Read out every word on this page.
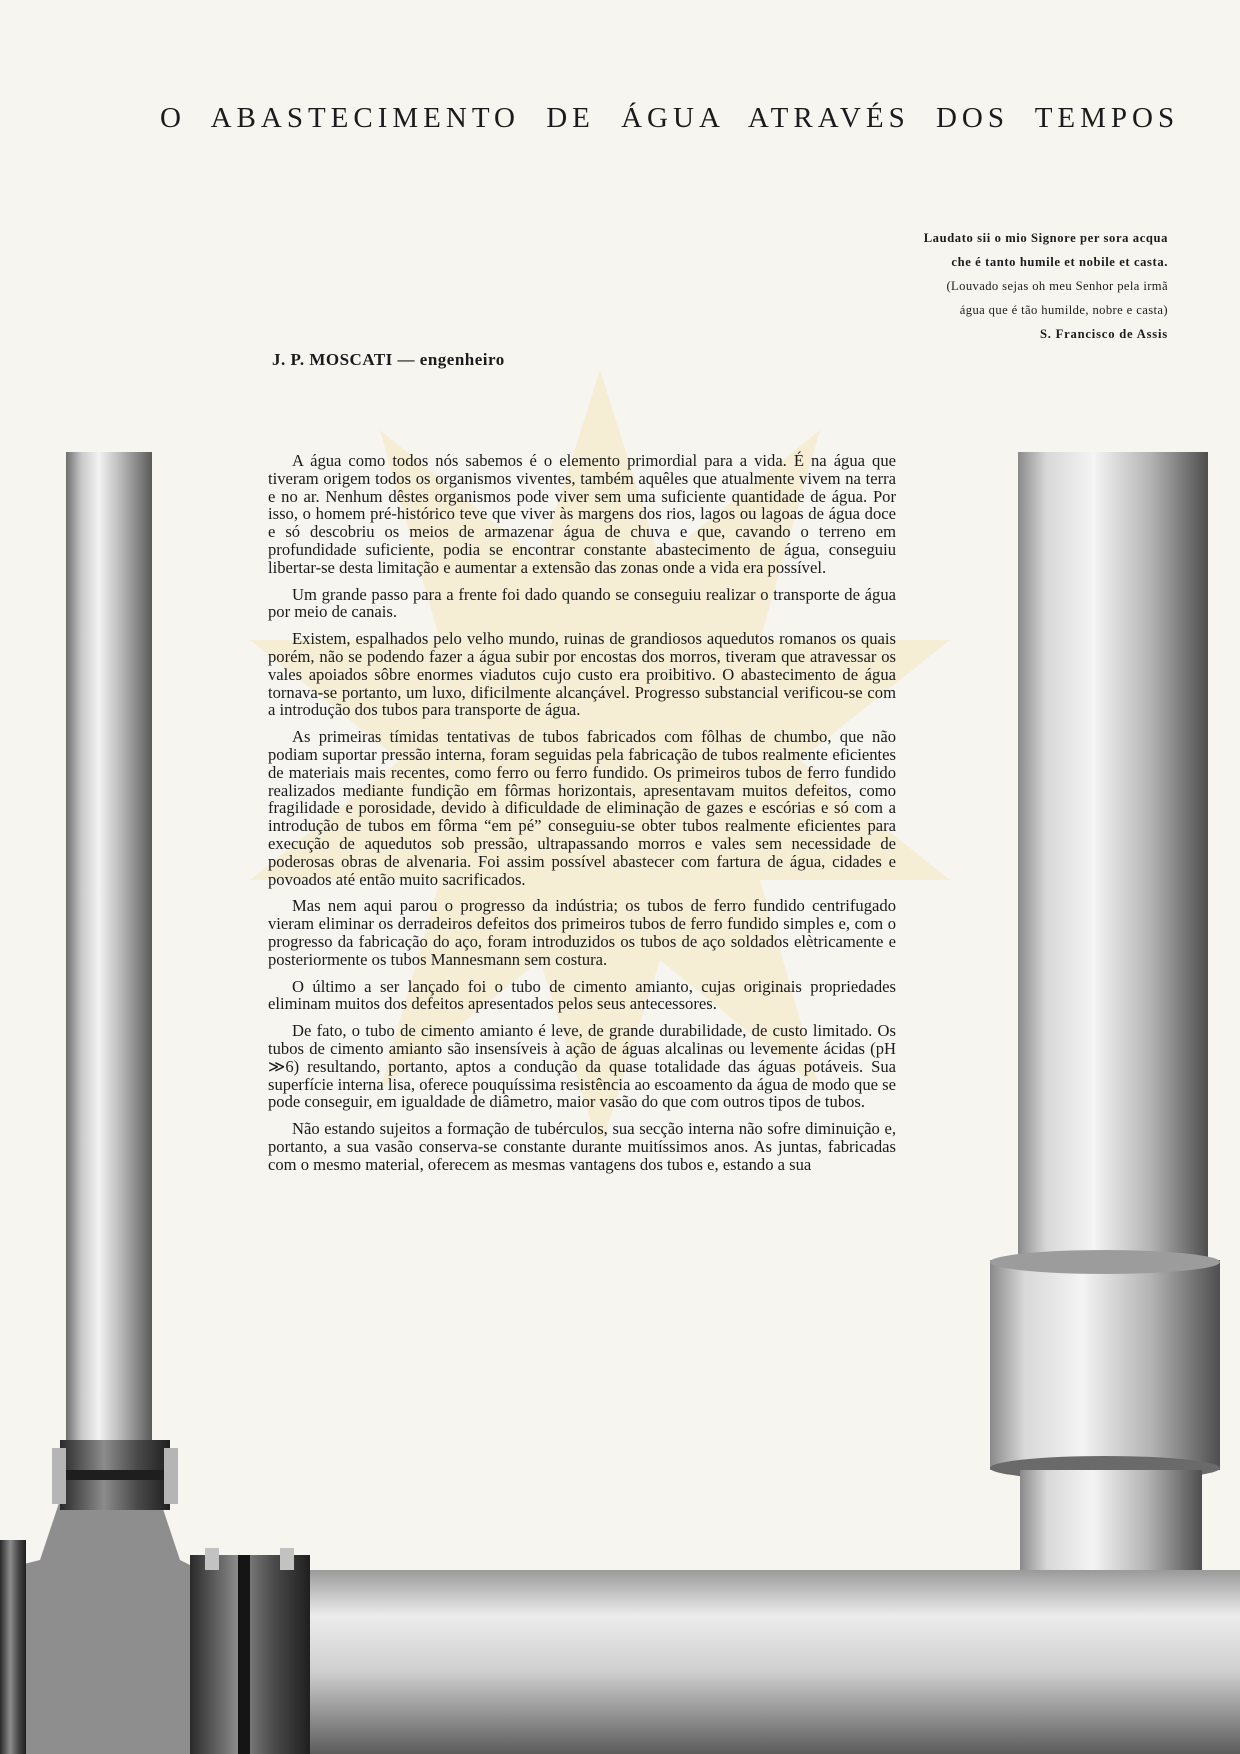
O ABASTECIMENTO DE ÁGUA ATRAVÉS DOS TEMPOS
Laudato sii o mio Signore per sora acqua
che é tanto humile et nobile et casta.
(Louvado sejas oh meu Senhor pela irmã
água que é tão humilde, nobre e casta)
S. Francisco de Assis
J. P. MOSCATI — engenheiro

A água como todos nós sabemos é o elemento primordial para a vida. É na água que tiveram origem todos os organismos viventes, também aquêles que atualmente vivem na terra e no ar. Nenhum dêstes organismos pode viver sem uma suficiente quantidade de água. Por isso, o homem pré-histórico teve que viver às margens dos rios, lagos ou lagoas de água doce e só descobriu os meios de armazenar água de chuva e que, cavando o terreno em profundidade suficiente, podia se encontrar constante abastecimento de água, conseguiu libertar-se desta limitação e aumentar a extensão das zonas onde a vida era possível.

Um grande passo para a frente foi dado quando se conseguiu realizar o transporte de água por meio de canais.

Existem, espalhados pelo velho mundo, ruinas de grandiosos aquedutos romanos os quais porém, não se podendo fazer a água subir por encostas dos morros, tiveram que atravessar os vales apoiados sôbre enormes viadutos cujo custo era proibitivo. O abastecimento de água tornava-se portanto, um luxo, dificilmente alcançável. Progresso substancial verificou-se com a introdução dos tubos para transporte de água.

As primeiras tímidas tentativas de tubos fabricados com fôlhas de chumbo, que não podiam suportar pressão interna, foram seguidas pela fabricação de tubos realmente eficientes de materiais mais recentes, como ferro ou ferro fundido. Os primeiros tubos de ferro fundido realizados mediante fundição em fôrmas horizontais, apresentavam muitos defeitos, como fragilidade e porosidade, devido à dificuldade de eliminação de gazes e escórias e só com a introdução de tubos em fôrma “em pé” conseguiu-se obter tubos realmente eficientes para execução de aquedutos sob pressão, ultrapassando morros e vales sem necessidade de poderosas obras de alvenaria. Foi assim possível abastecer com fartura de água, cidades e povoados até então muito sacrificados.

Mas nem aqui parou o progresso da indústria; os tubos de ferro fundido centrifugado vieram eliminar os derradeiros defeitos dos primeiros tubos de ferro fundido simples e, com o progresso da fabricação do aço, foram introduzidos os tubos de aço soldados elètricamente e posteriormente os tubos Mannesmann sem costura.

O último a ser lançado foi o tubo de cimento amianto, cujas originais propriedades eliminam muitos dos defeitos apresentados pelos seus antecessores.

De fato, o tubo de cimento amianto é leve, de grande durabilidade, de custo limitado. Os tubos de cimento amianto são insensíveis à ação de águas alcalinas ou levemente ácidas (pH ≫6) resultando, portanto, aptos a condução da quase totalidade das águas potáveis. Sua superfície interna lisa, oferece pouquíssima resistência ao escoamento da água de modo que se pode conseguir, em igualdade de diâmetro, maior vasão do que com outros tipos de tubos.

Não estando sujeitos a formação de tubérculos, sua secção interna não sofre diminuição e, portanto, a sua vasão conserva-se constante durante muitíssimos anos. As juntas, fabricadas com o mesmo material, oferecem as mesmas vantagens dos tubos e, estando a sua
